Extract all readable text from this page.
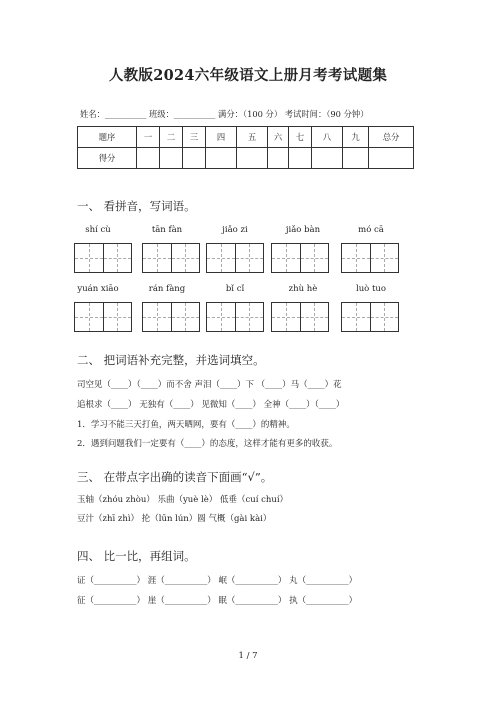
人教版2024六年级语文上册月考考试题集
姓名：__________ 班级：__________ 满分：（100 分） 考试时间：（90 分钟）
题序	一	二	三	四	五	六	七	八	九	总分
得分										
一、 看拼音，写词语。
shí cù	tān fàn	jiǎo zi	jiǎo bàn	mó cā
yuán xiāo	rán fàng	bǐ cǐ	zhù hè	luò tuo
二、 把词语补充完整，并选词填空。
司空见（____）（____）而不舍 声泪（____）下 （____）马（____）花
追根求（____） 无独有（____） 见微知（____） 全神（____）（____）
1．学习不能三天打鱼，两天晒网，要有（____）的精神。
2．遇到问题我们一定要有（____）的态度，这样才能有更多的收获。
三、 在带点字出确的读音下面画“√”。
玉轴（zhóu zhòu） 乐曲（yuè lè） 低垂（cuí chuí）
豆汁（zhī zhì） 抡（lūn lún）圆 气概（gài kài）
四、 比一比，再组词。
证（__________） 涯（__________） 岷（__________） 丸（__________）
征（__________） 崖（__________） 眠（__________） 执（__________）
1 / 7
